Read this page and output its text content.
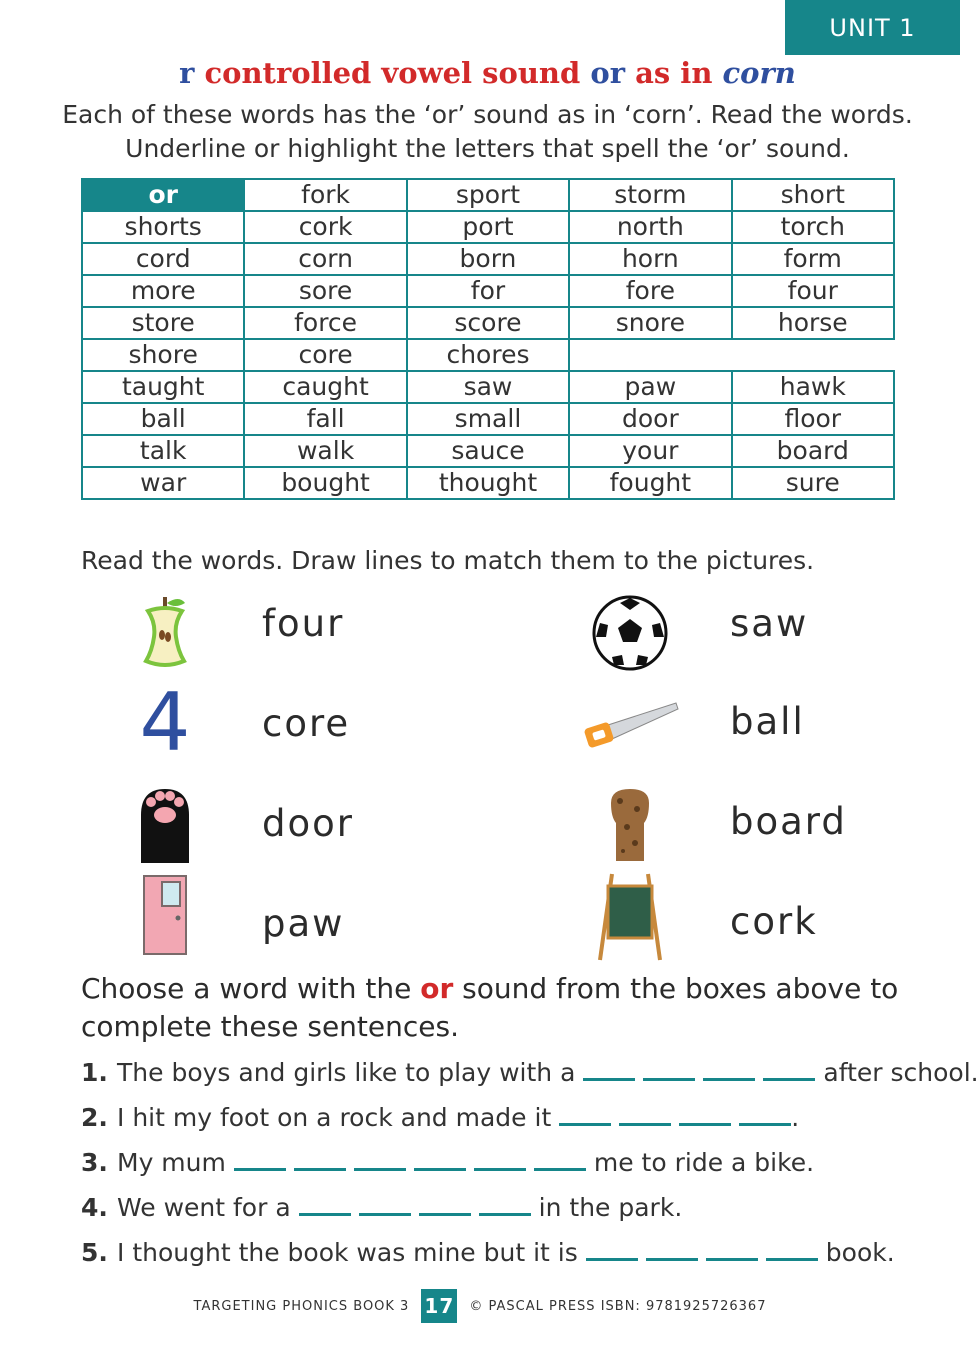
UNIT 1
r controlled vowel sound or as in corn
Each of these words has the ‘or’ sound as in ‘corn’. Read the words.
Underline or highlight the letters that spell the ‘or’ sound.
or	fork	sport	storm	short
shorts	cork	port	north	torch
cord	corn	born	horn	form
more	sore	for	fore	four
store	force	score	snore	horse
shore	core	chores		
taught	caught	saw	paw	hawk
ball	fall	small	door	floor
talk	walk	sauce	your	board
war	bought	thought	fought	sure
Read the words. Draw lines to match them to the pictures.
4
four
core
door
paw
saw
ball
board
cork
Choose a word with the or sound from the boxes above to complete these sentences.
1. The boys and girls like to play with a	after school.
2. I hit my foot on a rock and made it	.
3. My mum	me to ride a bike.
4. We went for a	in the park.
5. I thought the book was mine but it is	book.
TARGETING PHONICS BOOK 3 17 © PASCAL PRESS ISBN: 9781925726367
